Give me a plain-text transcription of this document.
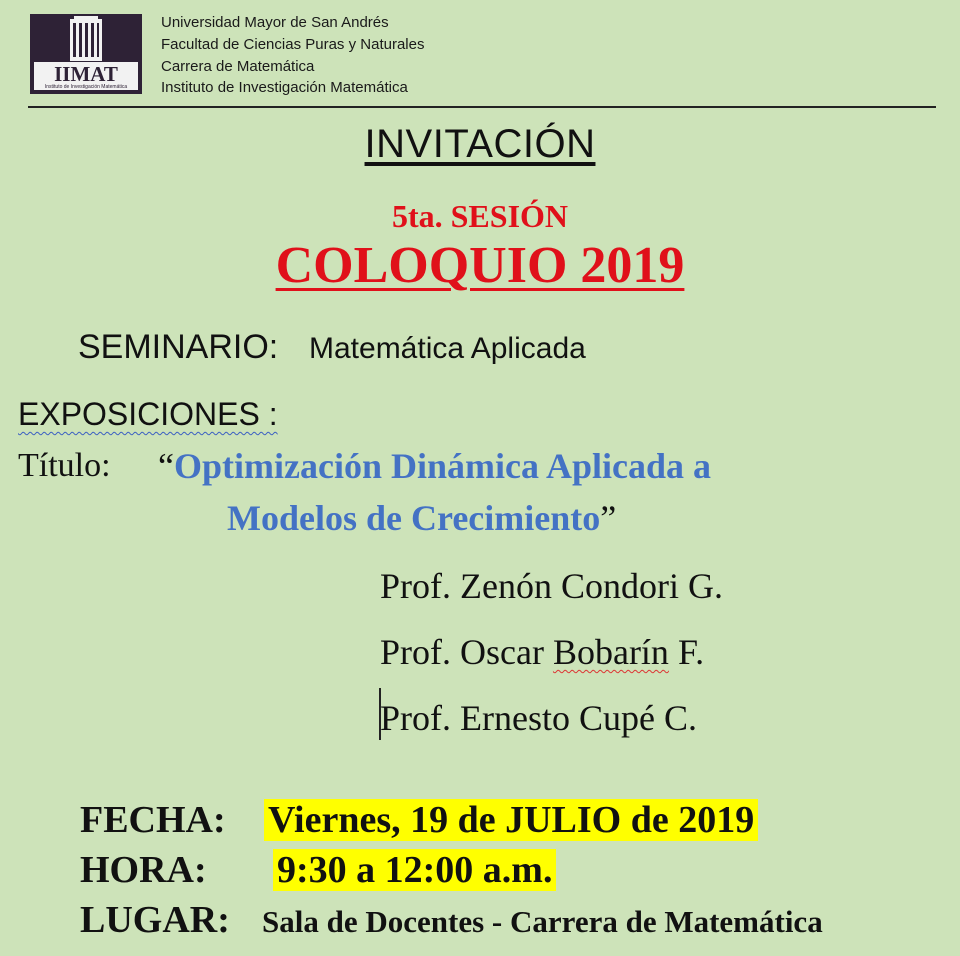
IIMAT
Instituto de Investigación Matemática
Universidad Mayor de San Andrés
Facultad de Ciencias Puras y Naturales
Carrera de Matemática
Instituto de Investigación Matemática
INVITACIÓN
5ta. SESIÓN
COLOQUIO 2019
SEMINARIO: Matemática Aplicada
EXPOSICIONES :
Título: “Optimización Dinámica Aplicada a
Modelos de Crecimiento”
Prof. Zenón Condori G.
Prof. Oscar Bobarín F.
Prof. Ernesto Cupé C.
FECHA: Viernes, 19 de JULIO de 2019
HORA: 9:30 a 12:00 a.m.
LUGAR: Sala de Docentes - Carrera de Matemática
